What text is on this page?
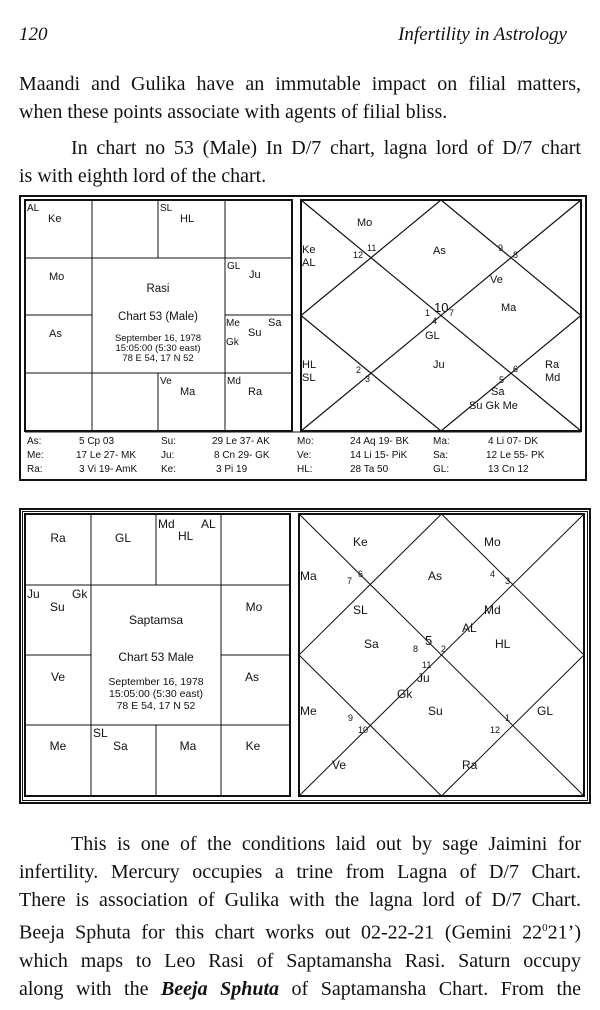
120	Infertility in Astrology
Maandi and Gulika have an immutable impact on filial matters,
when these points associate with agents of filial bliss.
In chart no 53 (Male) In D/7 chart, lagna lord of D/7 chart
is with eighth lord of the chart.
AL
Ke
SL
HL
Mo
GL
Ju
As
Me
Su
Sa
Gk
Ve
Ma
Md
Ra
Rasi
Chart 53 (Male)
September 16, 1978
15:05:00 (5:30 east)
78 E 54, 17 N 52
Mo
Ke
AL
As
Ve
Ma
GL
Ju
HL
SL
Ra
Md
Sa
Su Gk Me
10
11
12
1
2
3
4
5
6
7
8
9
As:	5 Cp 03	Su:	29 Le 37- AK	Mo:	24 Aq 19- BK Ma:	4 Li 07- DK
Me:	17 Le 27- MK Ju:	8 Cn 29- GK	Ve:	14 Li 15- PiK	Sa:	12 Le 55- PK
Ra:	3 Vi 19- AmK Ke:	3 Pi 19	HL:	28 Ta 50	GL:	13 Cn 12
Ra	GL
Md
HL
AL
Ju
Su
Gk
Mo
Ve	As
Me
SL
Sa	Ma	Ke
Saptamsa
Chart 53 Male
September 16, 1978
15:05:00 (5:30 east)
78 E 54, 17 N 52
Ke	Mo
Ma	As
SL
Sa
Md
AL
HL
Ju
Gk
Su
Me	GL
Ve	Ra
5
6
7
8
9
10
11
12
1
2
3
4
This is one of the conditions laid out by sage Jaimini for
infertility. Mercury occupies a trine from Lagna of D/7 Chart.
There is association of Gulika with the lagna lord of D/7 Chart.
Beeja Sphuta for this chart works out 02-22-21 (Gemini $22^021$’)
which maps to Leo Rasi of Saptamansha Rasi. Saturn occupy
along with the Beeja Sphuta of Saptamansha Chart. From the
